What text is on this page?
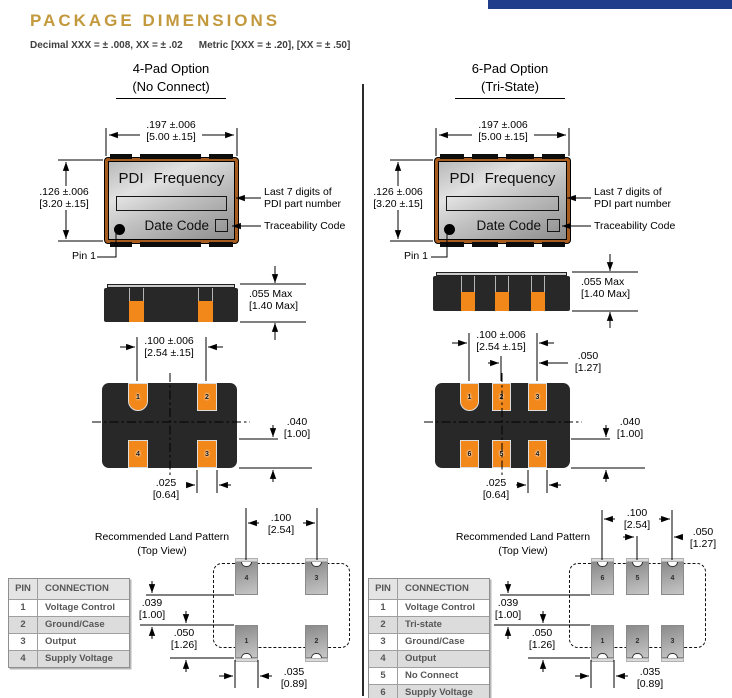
PACKAGE DIMENSIONS
Decimal XXX = ± .008, XX = ± .02 Metric [XXX = ± .20], [XX = ± .50]
4-Pad Option
(No Connect)
6-Pad Option
(Tri-State)
PDI Frequency
Date Code
PDI Frequency
Date Code
1	2
4	3
1	2	3
6	5	4
4	3
1	2
6	5	4
1	2	3
.197 ±.006
[5.00 ±.15]
.126 ±.006
[3.20 ±.15]
.055 Max
[1.40 Max]
.100 ±.006
[2.54 ±.15]
.040
[1.00]
.025
[0.64]
.100
[2.54]
.039
[1.00]
.050
[1.26]
.035
[0.89]
.197 ±.006
[5.00 ±.15]
.126 ±.006
[3.20 ±.15]
.055 Max
[1.40 Max]
.100 ±.006
[2.54 ±.15]
.050
[1.27]
.040
[1.00]
.025
[0.64]
.100
[2.54]
.050
[1.27]
.039
[1.00]
.050
[1.26]
.035
[0.89]
Pin 1	Pin 1
Last 7 digits of
PDI part number
Traceability Code
Last 7 digits of
PDI part number
Traceability Code
Recommended Land Pattern
(Top View)
Recommended Land Pattern
(Top View)
PIN	CONNECTION
1	Voltage Control
2	Ground/Case
3	Output
4	Supply Voltage
PIN	CONNECTION
1	Voltage Control
2	Tri-state
3	Ground/Case
4	Output
5	No Connect
6	Supply Voltage
